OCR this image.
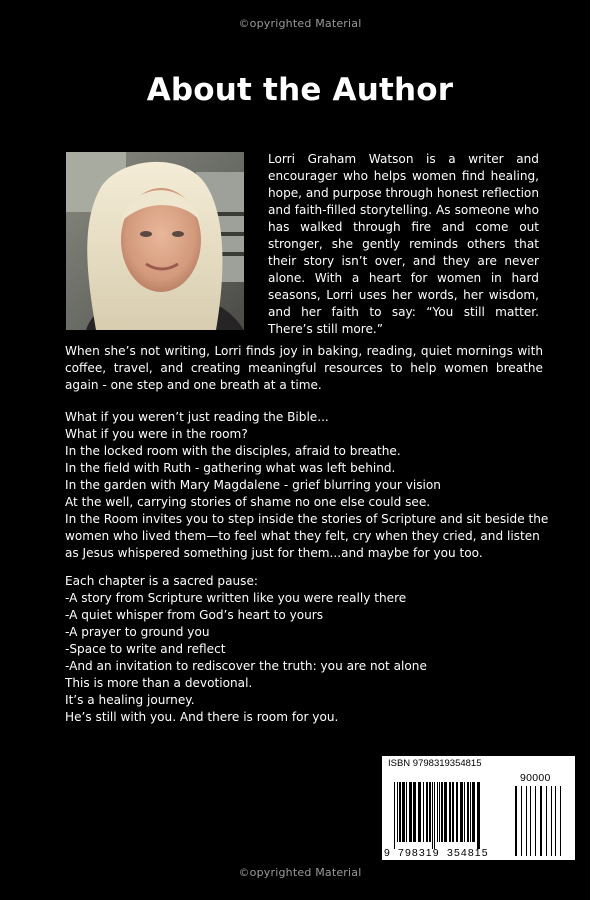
©opyrighted Material
About the Author
Lorri Graham Watson is a writer and encourager who helps women find healing, hope, and purpose through honest reflection and faith-filled storytelling. As someone who has walked through fire and come out stronger, she gently reminds others that their story isn’t over, and they are never alone. With a heart for women in hard seasons, Lorri uses her words, her wisdom, and her faith to say: “You still matter. There’s still more.”
When she’s not writing, Lorri finds joy in baking, reading, quiet mornings with coffee, travel, and creating meaningful resources to help women breathe again - one step and one breath at a time.
What if you weren’t just reading the Bible...
What if you were in the room?
In the locked room with the disciples, afraid to breathe.
In the field with Ruth - gathering what was left behind.
In the garden with Mary Magdalene - grief blurring your vision
At the well, carrying stories of shame no one else could see.
In the Room invites you to step inside the stories of Scripture and sit beside the
women who lived them—to feel what they felt, cry when they cried, and listen
as Jesus whispered something just for them...and maybe for you too.
Each chapter is a sacred pause:
-A story from Scripture written like you were really there
-A quiet whisper from God’s heart to yours
-A prayer to ground you
-Space to write and reflect
-And an invitation to rediscover the truth: you are not alone
This is more than a devotional.
It’s a healing journey.
He’s still with you. And there is room for you.
ISBN 9798319354815
90000
9 798319 354815
©opyrighted Material
